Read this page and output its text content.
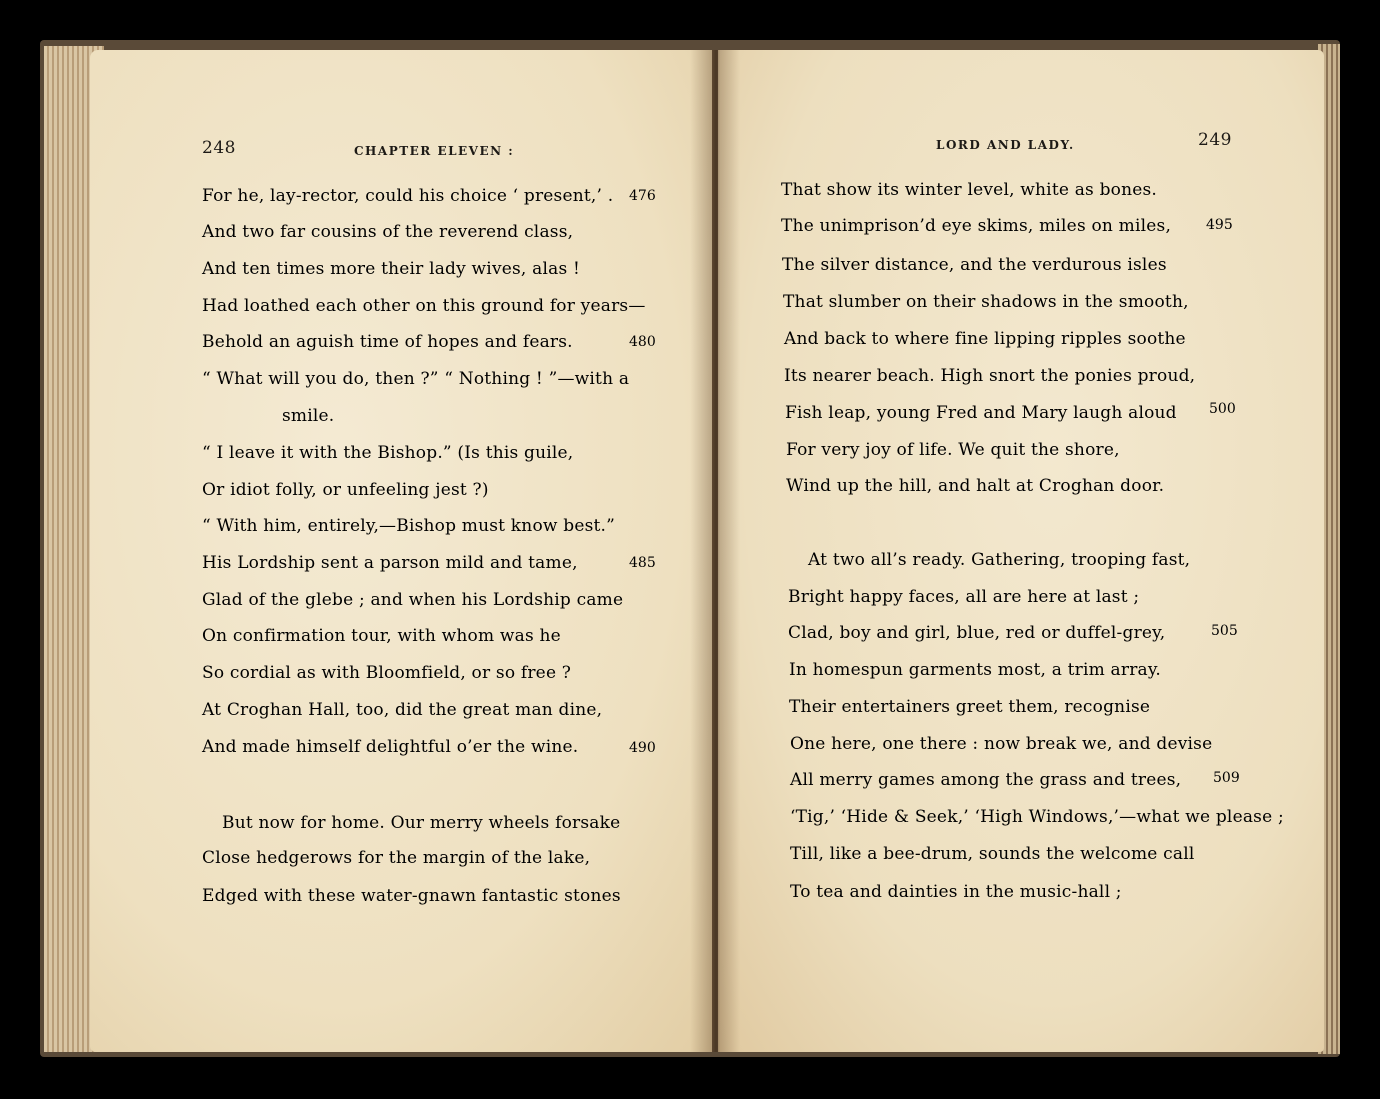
248	CHAPTER ELEVEN :	LORD AND LADY.	249
For he, lay-rector, could his choice ‘ present,’ . 476
And two far cousins of the reverend class,
And ten times more their lady wives, alas !
Had loathed each other on this ground for years—
Behold an aguish time of hopes and fears.	480
“ What will you do, then ?” “ Nothing ! ”—with a
smile.
“ I leave it with the Bishop.” (Is this guile,
Or idiot folly, or unfeeling jest ?)
“ With him, entirely,—Bishop must know best.”
His Lordship sent a parson mild and tame,	485
Glad of the glebe ; and when his Lordship came
On confirmation tour, with whom was he
So cordial as with Bloomfield, or so free ?
At Croghan Hall, too, did the great man dine,
And made himself delightful o’er the wine.	490
But now for home. Our merry wheels forsake
Close hedgerows for the margin of the lake,
Edged with these water-gnawn fantastic stones
That show its winter level, white as bones.
The unimprison’d eye skims, miles on miles, 495
The silver distance, and the verdurous isles
That slumber on their shadows in the smooth,
And back to where fine lipping ripples soothe
Its nearer beach. High snort the ponies proud,
Fish leap, young Fred and Mary laugh aloud 500
For very joy of life. We quit the shore,
Wind up the hill, and halt at Croghan door.
At two all’s ready. Gathering, trooping fast,
Bright happy faces, all are here at last ;
Clad, boy and girl, blue, red or duffel-grey,	505
In homespun garments most, a trim array.
Their entertainers greet them, recognise
One here, one there : now break we, and devise
All merry games among the grass and trees, 509
‘Tig,’ ‘Hide & Seek,’ ‘High Windows,’—what we please ;
Till, like a bee-drum, sounds the welcome call
To tea and dainties in the music-hall ;
